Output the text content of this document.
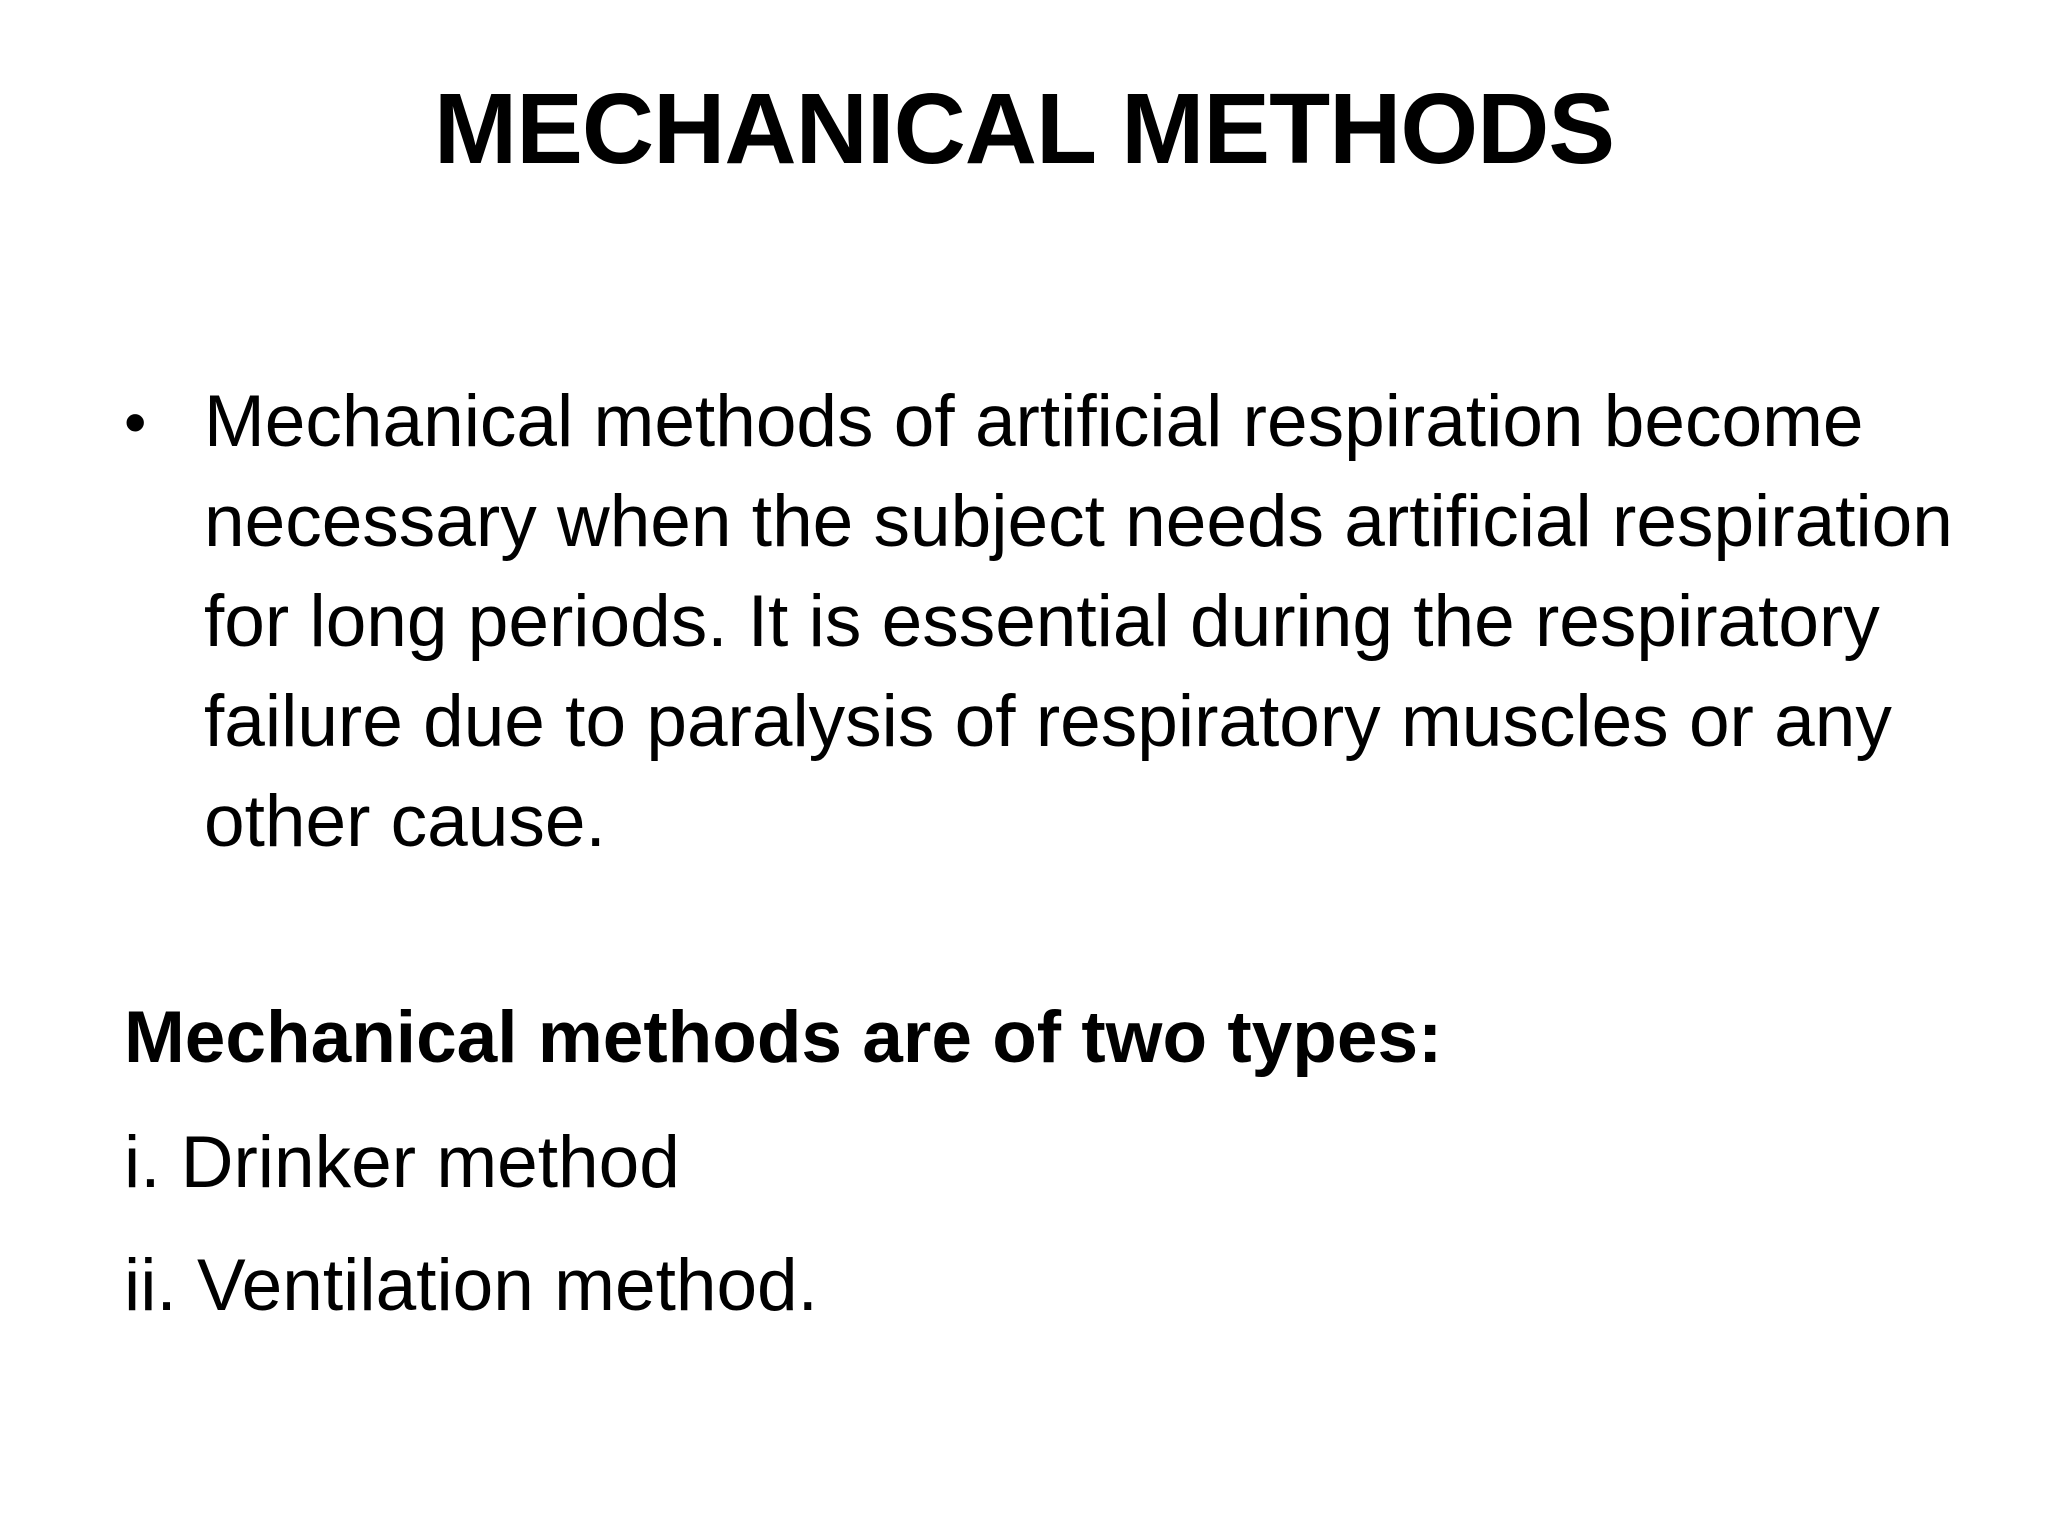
MECHANICAL METHODS
• Mechanical methods of artificial respiration become necessary when the subject needs artificial respiration for long periods. It is essential during the respiratory failure due to paralysis of respiratory muscles or any other cause.

Mechanical methods are of two types:

i. Drinker method

ii. Ventilation method.
